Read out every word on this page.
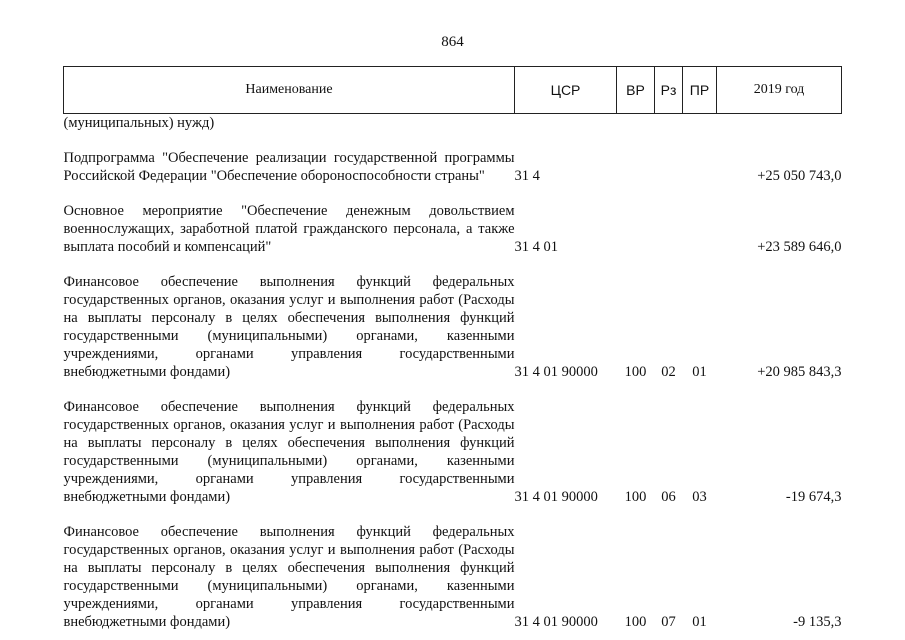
864
Наименование	ЦСР	ВР	Рз	ПР	2019 год
(муниципальных) нужд)					

Подпрограмма "Обеспечение реализации государственной программы Российской Федерации "Обеспечение обороноспособности страны"	31 4				+25 050 743,0

Основное мероприятие "Обеспечение денежным довольствием военнослужащих, заработной платой гражданского персонала, а также выплата пособий и компенсаций"	31 4 01				+23 589 646,0

Финансовое обеспечение выполнения функций федеральных государственных органов, оказания услуг и выполнения работ (Расходы на выплаты персоналу в целях обеспечения выполнения функций государственными (муниципальными) органами, казенными учреждениями, органами управления государственными внебюджетными фондами)	31 4 01 90000	100	02	01	+20 985 843,3

Финансовое обеспечение выполнения функций федеральных государственных органов, оказания услуг и выполнения работ (Расходы на выплаты персоналу в целях обеспечения выполнения функций государственными (муниципальными) органами, казенными учреждениями, органами управления государственными внебюджетными фондами)	31 4 01 90000	100	06	03	-19 674,3

Финансовое обеспечение выполнения функций федеральных государственных органов, оказания услуг и выполнения работ (Расходы на выплаты персоналу в целях обеспечения выполнения функций государственными (муниципальными) органами, казенными учреждениями, органами управления государственными внебюджетными фондами)	31 4 01 90000	100	07	01	-9 135,3
